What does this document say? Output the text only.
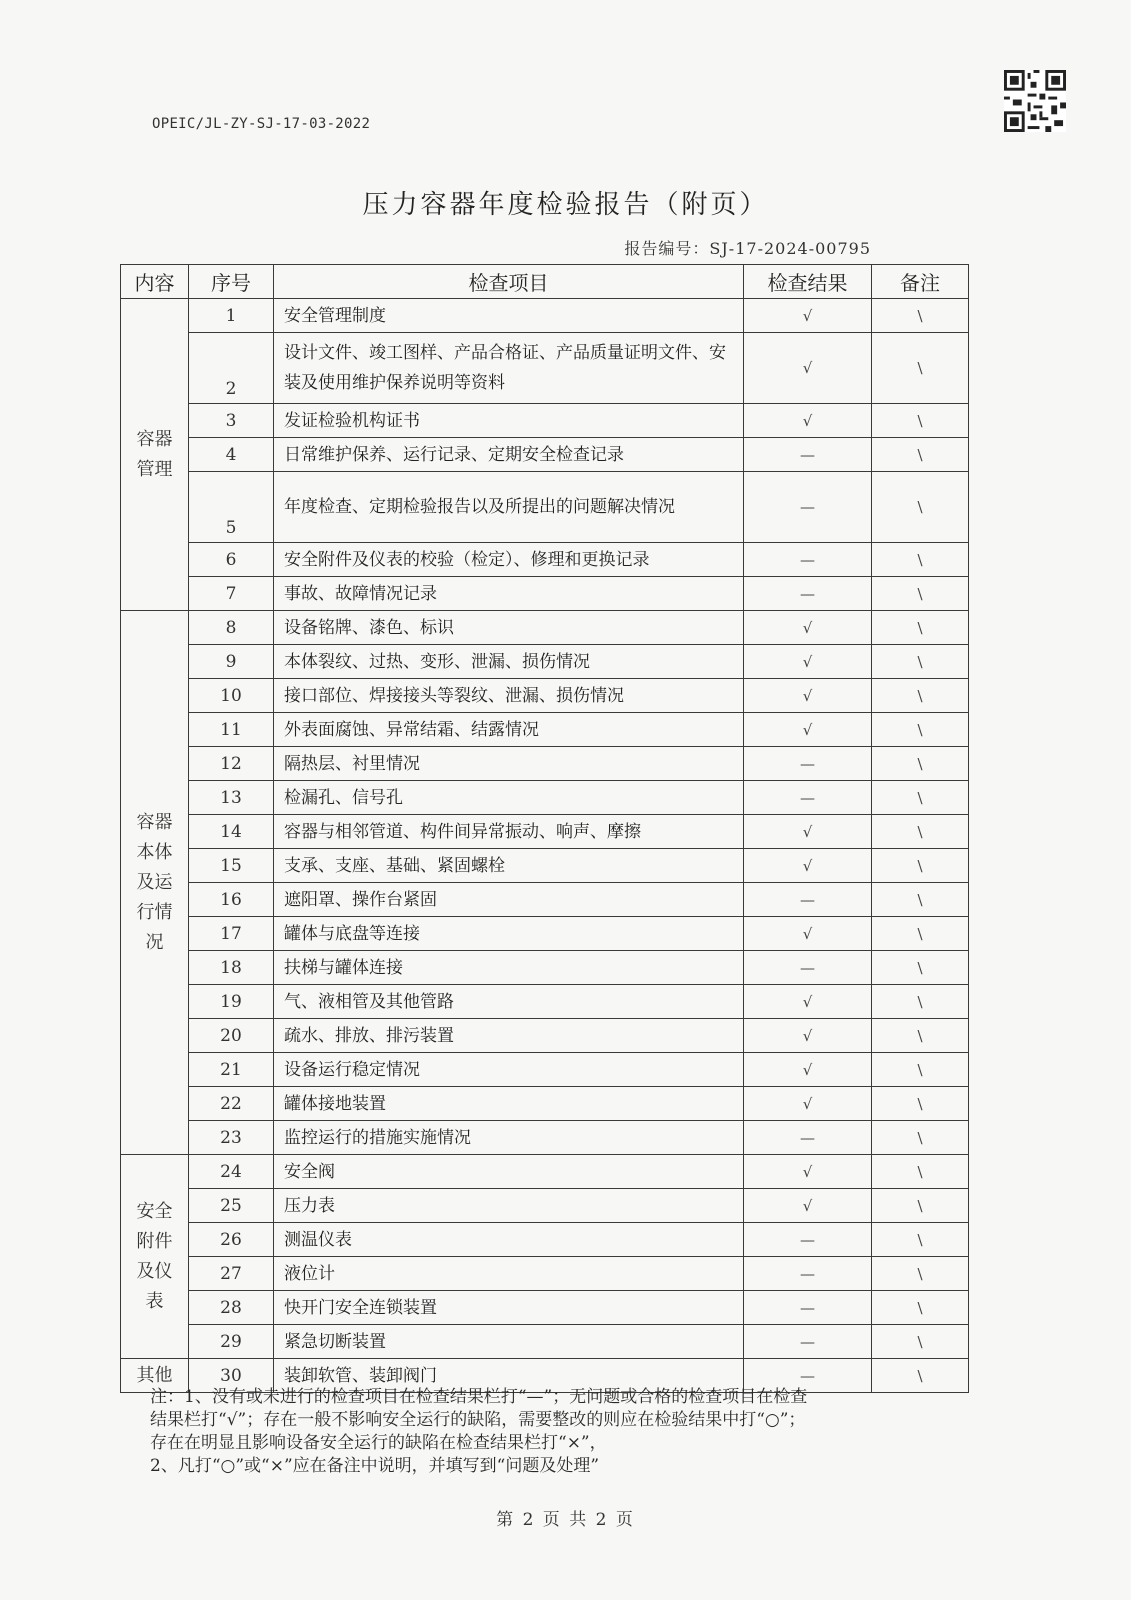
OPEIC/JL-ZY-SJ-17-03-2022
压力容器年度检验报告（附页）
报告编号：SJ-17-2024-00795
内容	序号	检查项目	检查结果	备注

容器管理	1	安全管理制度	√	\
	2	设计文件、竣工图样、产品合格证、产品质量证明文件、安装及使用维护保养说明等资料	√	\
	3	发证检验机构证书	√	\
	4	日常维护保养、运行记录、定期安全检查记录	—	\
	5	年度检查、定期检验报告以及所提出的问题解决情况	—	\
	6	安全附件及仪表的校验（检定）、修理和更换记录	—	\
	7	事故、故障情况记录	—	\

容器本体及运行情况	8	设备铭牌、漆色、标识	√	\
	9	本体裂纹、过热、变形、泄漏、损伤情况	√	\
	10	接口部位、焊接接头等裂纹、泄漏、损伤情况	√	\
	11	外表面腐蚀、异常结霜、结露情况	√	\
	12	隔热层、衬里情况	—	\
	13	检漏孔、信号孔	—	\
	14	容器与相邻管道、构件间异常振动、响声、摩擦	√	\
	15	支承、支座、基础、紧固螺栓	√	\
	16	遮阳罩、操作台紧固	—	\
	17	罐体与底盘等连接	√	\
	18	扶梯与罐体连接	—	\
	19	气、液相管及其他管路	√	\
	20	疏水、排放、排污装置	√	\
	21	设备运行稳定情况	√	\
	22	罐体接地装置	√	\
	23	监控运行的措施实施情况	—	\

安全附件及仪表	24	安全阀	√	\
	25	压力表	√	\
	26	测温仪表	—	\
	27	液位计	—	\
	28	快开门安全连锁装置	—	\
	29	紧急切断装置	—	\

其他	30	装卸软管、装卸阀门	—	\
注：1、没有或未进行的检查项目在检查结果栏打“—”；无问题或合格的检查项目在检查
结果栏打“√”；存在一般不影响安全运行的缺陷，需要整改的则应在检验结果中打“○”；
存在在明显且影响设备安全运行的缺陷在检查结果栏打“×”，
2、凡打“○”或“×”应在备注中说明，并填写到“问题及处理”
第 2 页 共 2 页
